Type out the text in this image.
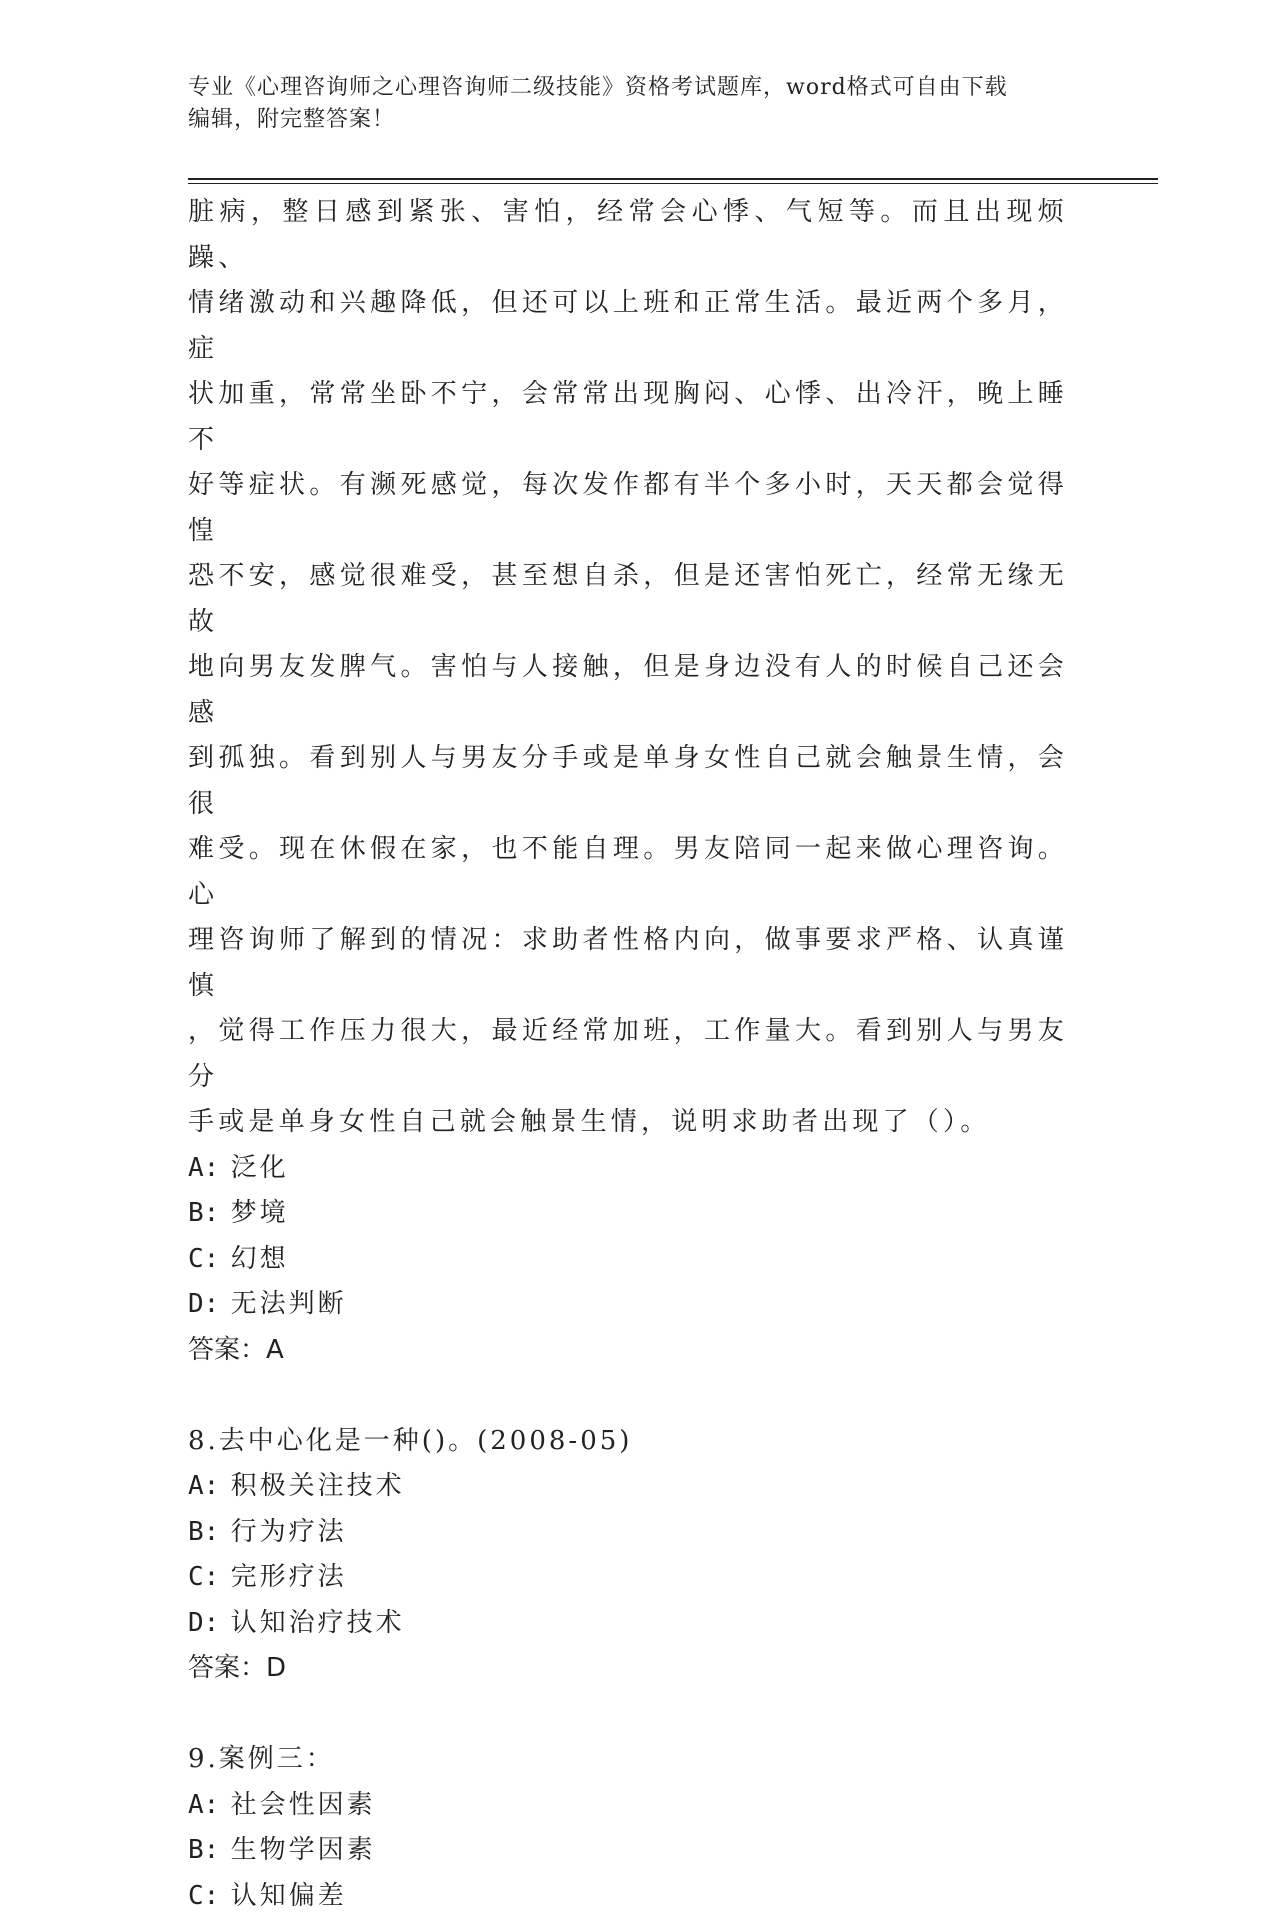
专业《心理咨询师之心理咨询师二级技能》资格考试题库，word格式可自由下载
编辑，附完整答案！
脏病，整日感到紧张、害怕，经常会心悸、气短等。而且出现烦躁、
情绪激动和兴趣降低，但还可以上班和正常生活。最近两个多月，症
状加重，常常坐卧不宁，会常常出现胸闷、心悸、出冷汗，晚上睡不
好等症状。有濒死感觉，每次发作都有半个多小时，天天都会觉得惶
恐不安，感觉很难受，甚至想自杀，但是还害怕死亡，经常无缘无故
地向男友发脾气。害怕与人接触，但是身边没有人的时候自己还会感
到孤独。看到别人与男友分手或是单身女性自己就会触景生情，会很
难受。现在休假在家，也不能自理。男友陪同一起来做心理咨询。心
理咨询师了解到的情况：求助者性格内向，做事要求严格、认真谨慎
，觉得工作压力很大，最近经常加班，工作量大。看到别人与男友分
手或是单身女性自己就会触景生情，说明求助者出现了（）。
A: 泛化
B: 梦境
C: 幻想
D: 无法判断
答案：A
8.去中心化是一种()。(2008-05)
A: 积极关注技术
B: 行为疗法
C: 完形疗法
D: 认知治疗技术
答案：D
9.案例三：
A: 社会性因素
B: 生物学因素
C: 认知偏差
